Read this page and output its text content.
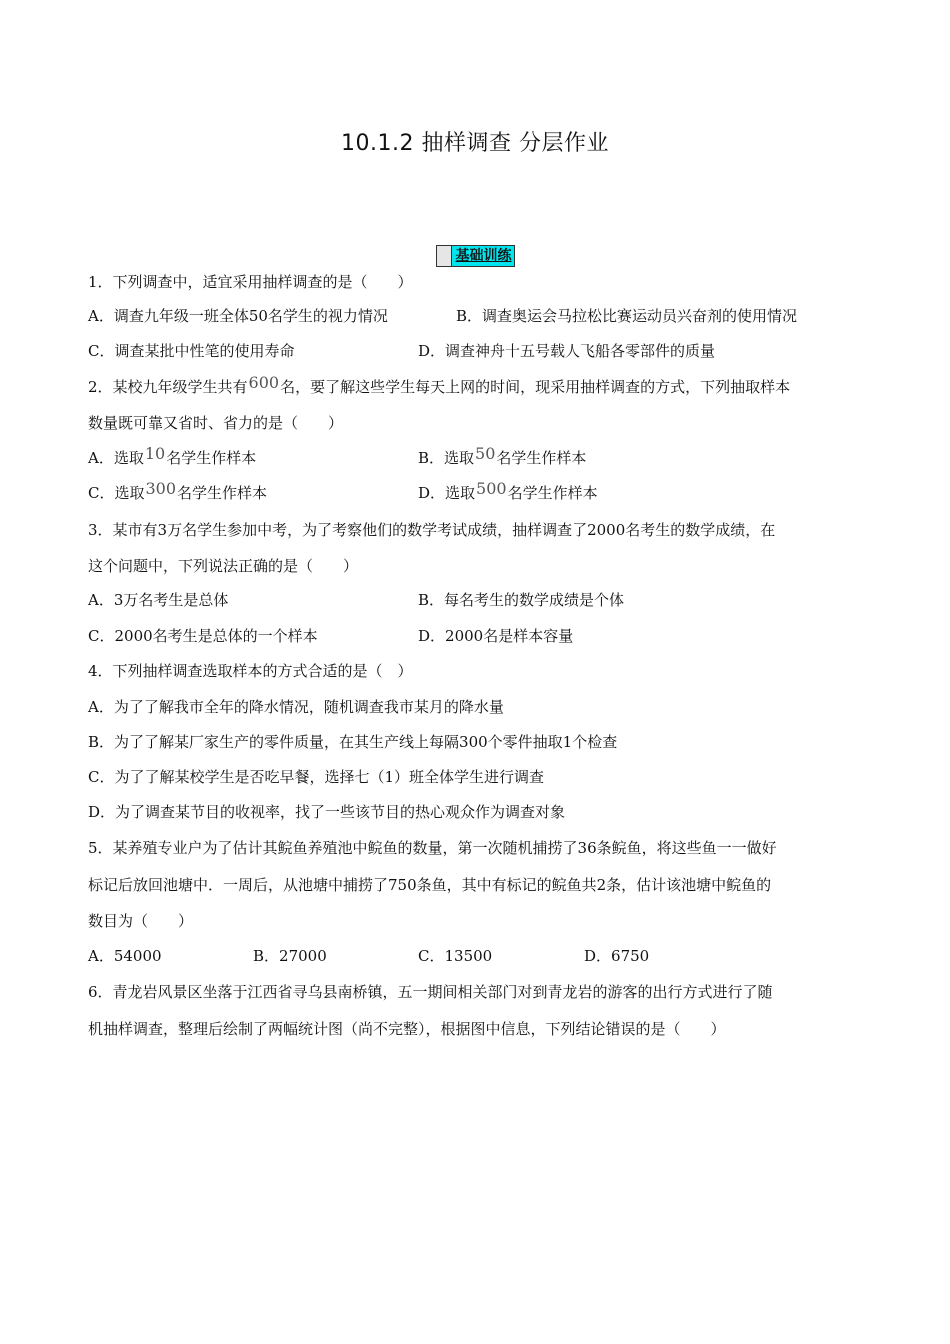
10.1.2 抽样调查 分层作业
基础训练
1．下列调查中，适宜采用抽样调查的是（　　）
A．调查九年级一班全体50名学生的视力情况	B．调查奥运会马拉松比赛运动员兴奋剂的使用情况
C．调查某批中性笔的使用寿命	D．调查神舟十五号载人飞船各零部件的质量
2．某校九年级学生共有600名，要了解这些学生每天上网的时间，现采用抽样调查的方式，下列抽取样本
数量既可靠又省时、省力的是（　　）
A．选取10名学生作样本	B．选取50名学生作样本
C．选取300名学生作样本	D．选取500名学生作样本
3．某市有3万名学生参加中考，为了考察他们的数学考试成绩，抽样调查了2000名考生的数学成绩，在
这个问题中，下列说法正确的是（　　）
A．3万名考生是总体	B．每名考生的数学成绩是个体
C．2000名考生是总体的一个样本	D．2000名是样本容量
4．下列抽样调查选取样本的方式合适的是（　）
A．为了了解我市全年的降水情况，随机调查我市某月的降水量
B．为了了解某厂家生产的零件质量，在其生产线上每隔300个零件抽取1个检查
C．为了了解某校学生是否吃早餐，选择七（1）班全体学生进行调查
D．为了调查某节目的收视率，找了一些该节目的热心观众作为调查对象
5．某养殖专业户为了估计其鲩鱼养殖池中鲩鱼的数量，第一次随机捕捞了36条鲩鱼，将这些鱼一一做好
标记后放回池塘中．一周后，从池塘中捕捞了750条鱼，其中有标记的鲩鱼共2条，估计该池塘中鲩鱼的
数目为（　　）
A．54000	B．27000	C．13500	D．6750
6．青龙岩风景区坐落于江西省寻乌县南桥镇，五一期间相关部门对到青龙岩的游客的出行方式进行了随
机抽样调查，整理后绘制了两幅统计图（尚不完整），根据图中信息，下列结论错误的是（　　）
